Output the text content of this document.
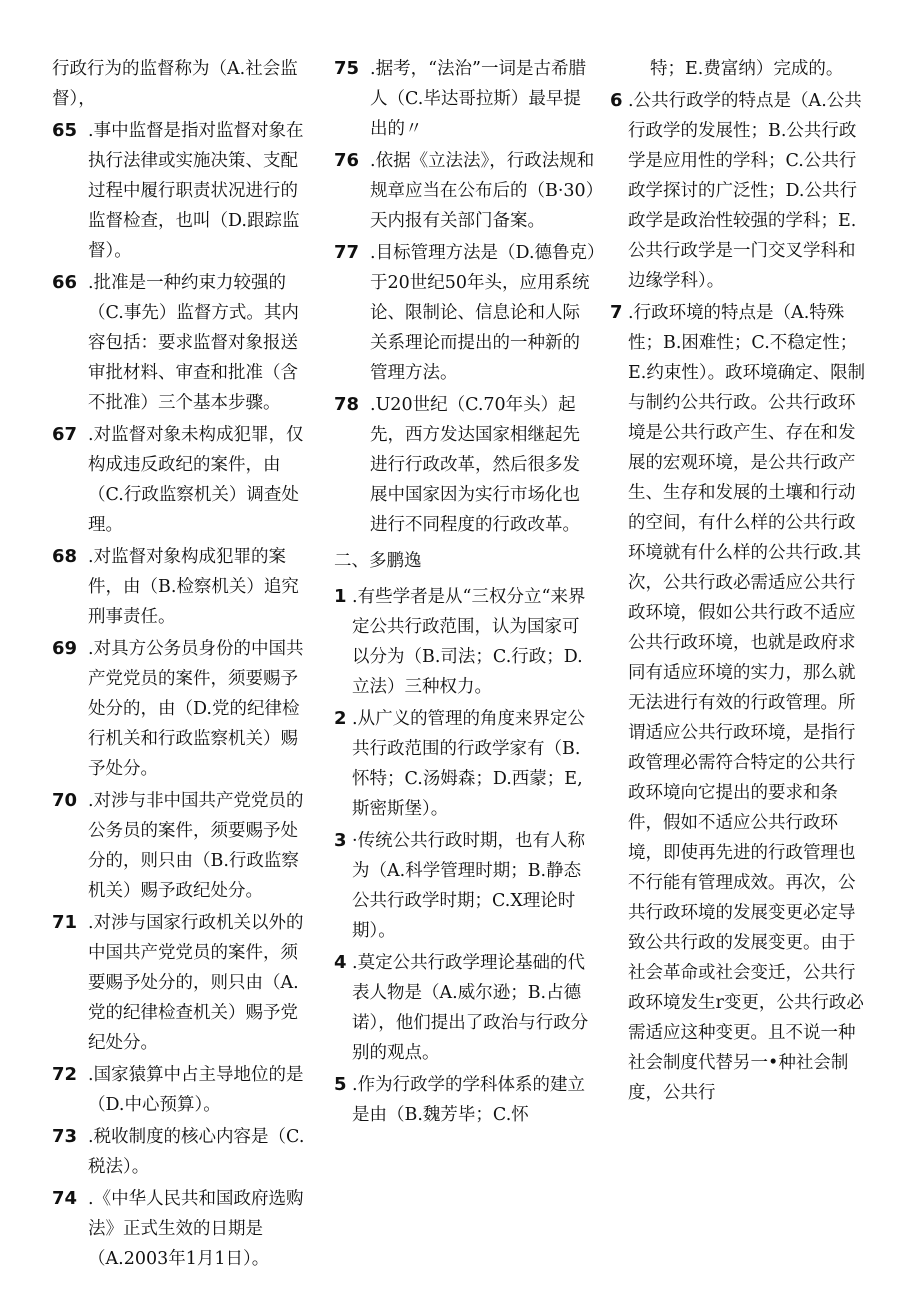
行政行为的监督称为（A.社会监督），
65 .事中监督是指对监督对象在执行法律或实施决策、支配过程中履行职责状况进行的监督检查，也叫（D.跟踪监督）。
66 .批准是一种约束力较强的（C.事先）监督方式。其内容包括：要求监督对象报送审批材料、审查和批准（含不批准）三个基本步骤。
67 .对监督对象未构成犯罪，仅构成违反政纪的案件，由（C.行政监察机关）调查处理。
68 .对监督对象构成犯罪的案件，由（B.检察机关）追究刑事责任。
69 .对具方公务员身份的中国共产党党员的案件，须要赐予处分的，由（D.党的纪律检行机关和行政监察机关）赐予处分。
70 .对涉与非中国共产党党员的公务员的案件，须要赐予处分的，则只由（B.行政监察机关）赐予政纪处分。
71 .对涉与国家行政机关以外的中国共产党党员的案件，须要赐予处分的，则只由（A.党的纪律检查机关）赐予党纪处分。
72 .国家猿算中占主导地位的是（D.中心预算）。
73 .税收制度的核心内容是（C.税法）。
74 .《中华人民共和国政府选购法》正式生效的日期是（A.2003年1月1日）。
75 .据考，“法治”一词是古希腊人（C.毕达哥拉斯）最早提出的〃
76 .依据《立法法》，行政法规和规章应当在公布后的（B·30）天内报有关部门备案。
77 .目标管理方法是（D.德鲁克）于20世纪50年头，应用系统论、限制论、信息论和人际关系理论而提出的一种新的管理方法。
78 .U20世纪（C.70年头）起先，西方发达国家相继起先进行行政改革，然后很多发展中国家因为实行市场化也进行不同程度的行政改革。
二、多鹏逸
1 .有些学者是从“三权分立“来界定公共行政范围，认为国家可以分为（B.司法；C.行政；D.立法）三种权力。
2 .从广义的管理的角度来界定公共行政范围的行政学家有（B.怀特；C.汤姆森；D.西蒙；E,斯密斯堡）。
3 ·传统公共行政时期，也有人称为（A.科学管理时期；B.静态公共行政学时期；C.X理论时期）。
4 .莫定公共行政学理论基础的代表人物是（A.威尔逊；B.占德诺），他们提出了政治与行政分别的观点。
5 .作为行政学的学科体系的建立是由（B.魏芳毕；C.怀
特；E.费富纳）完成的。
6 .公共行政学的特点是（A.公共行政学的发展性；B.公共行政学是应用性的学科；C.公共行政学探讨的广泛性；D.公共行政学是政治性较强的学科；E.公共行政学是一门交叉学科和边缘学科）。
7 .行政环境的特点是（A.特殊性；B.困难性；C.不稳定性；E.约束性）。政环境确定、限制与制约公共行政。公共行政环境是公共行政产生、存在和发展的宏观环境，是公共行政产生、生存和发展的土壤和行动的空间，有什么样的公共行政环境就有什么样的公共行政.其次，公共行政必需适应公共行政环境，假如公共行政不适应公共行政环境，也就是政府求同有适应环境的实力，那么就无法进行有效的行政管理。所谓适应公共行政环境，是指行政管理必需符合特定的公共行政环境向它提出的要求和条件，假如不适应公共行政环境，即使再先进的行政管理也不行能有管理成效。再次，公共行政环境的发展变更必定导致公共行政的发展变更。由于社会革命或社会变迁，公共行政环境发生r变更，公共行政必需适应这种变更。且不说一种社会制度代替另一•种社会制度，公共行
